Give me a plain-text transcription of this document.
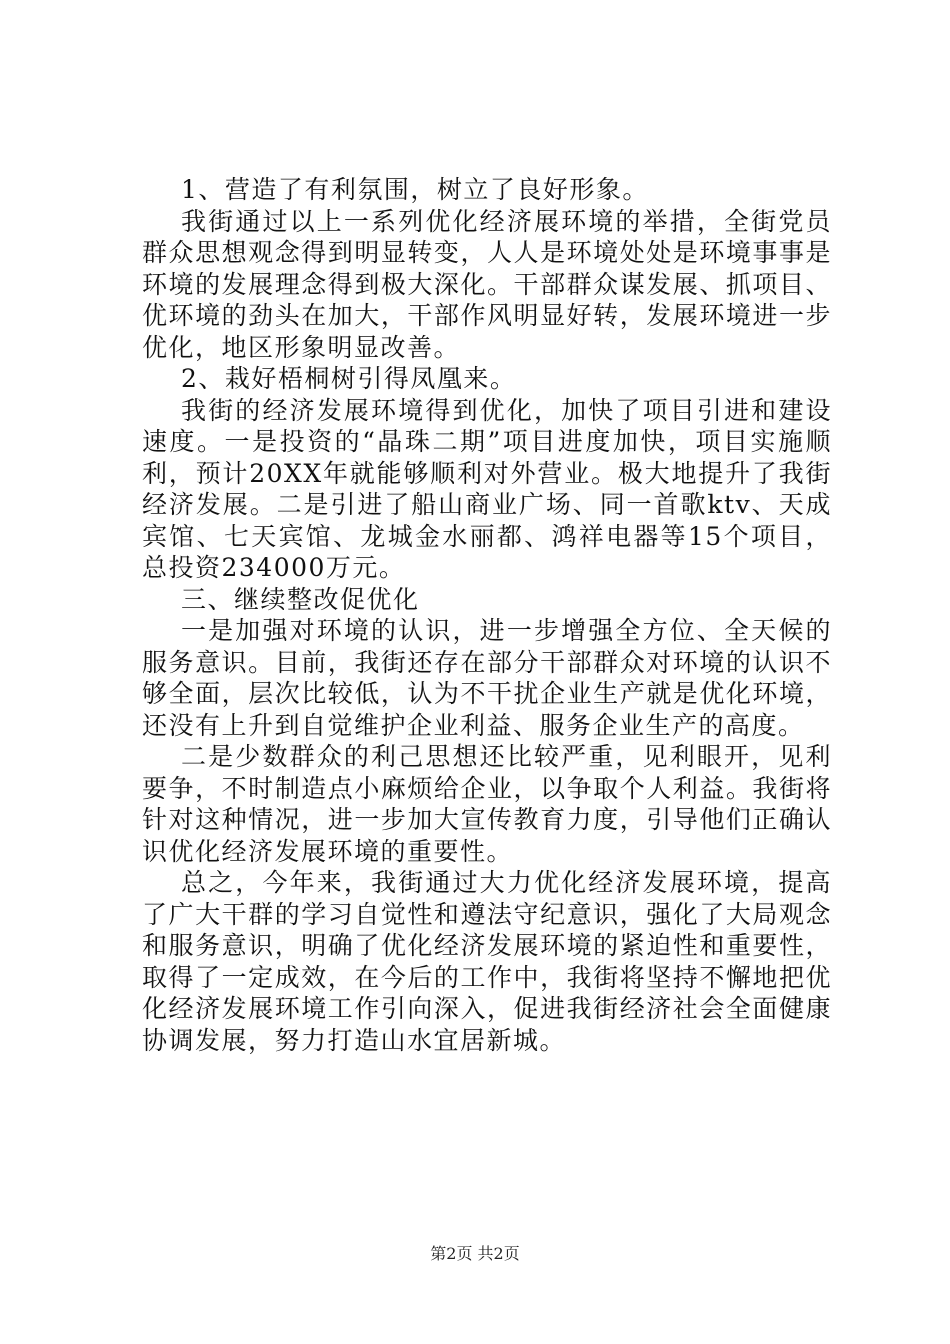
1、营造了有利氛围，树立了良好形象。

我街通过以上一系列优化经济展环境的举措，全街党员群众思想观念得到明显转变，人人是环境处处是环境事事是环境的发展理念得到极大深化。干部群众谋发展、抓项目、优环境的劲头在加大，干部作风明显好转，发展环境进一步优化，地区形象明显改善。

2、栽好梧桐树引得凤凰来。

我街的经济发展环境得到优化，加快了项目引进和建设速度。一是投资的“晶珠二期”项目进度加快，项目实施顺利，预计20XX年就能够顺利对外营业。极大地提升了我街经济发展。二是引进了船山商业广场、同一首歌ktv、天成宾馆、七天宾馆、龙城金水丽都、鸿祥电器等15个项目，总投资234000万元。

三、继续整改促优化

一是加强对环境的认识，进一步增强全方位、全天候的服务意识。目前，我街还存在部分干部群众对环境的认识不够全面，层次比较低，认为不干扰企业生产就是优化环境，还没有上升到自觉维护企业利益、服务企业生产的高度。

二是少数群众的利己思想还比较严重，见利眼开，见利要争，不时制造点小麻烦给企业，以争取个人利益。我街将针对这种情况，进一步加大宣传教育力度，引导他们正确认识优化经济发展环境的重要性。

总之，今年来，我街通过大力优化经济发展环境，提高了广大干群的学习自觉性和遵法守纪意识，强化了大局观念和服务意识，明确了优化经济发展环境的紧迫性和重要性，取得了一定成效，在今后的工作中，我街将坚持不懈地把优化经济发展环境工作引向深入，促进我街经济社会全面健康协调发展，努力打造山水宜居新城。

第2页 共2页
